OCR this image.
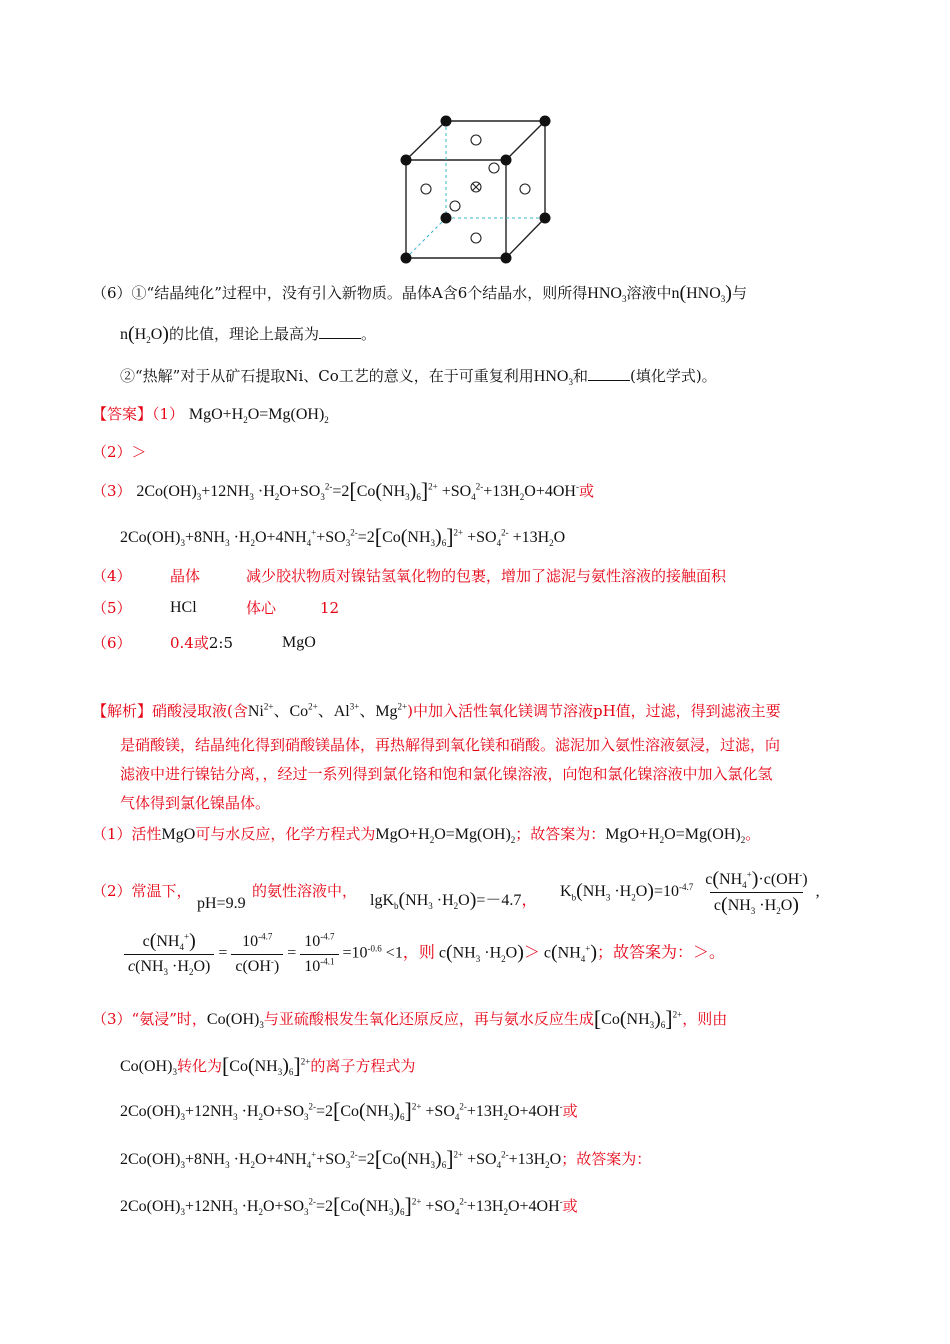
（6）①“结晶纯化”过程中，没有引入新物质。晶体A含6个结晶水，则所得$HNO_3$溶液中$n(HNO_3)$与
$n(H_2O)$的比值，理论上最高为	。
②“热解”对于从矿石提取Ni、Co工艺的意义，在于可重复利用$HNO_3$和	(填化学式)。
【答案】（1） $MgO+H_2O=Mg(OH)_2$
（2）＞
（3） $2Co(OH)_3+12NH_3 \cdot H_2O+SO_3^{2-}=2[Co(NH_3)_6]^{2+} +SO_4^{2-}+13H_2O+4OH^-$或
$2Co(OH)_3+8NH_3 \cdot H_2O+4NH_4^++SO_3^{2-}=2[Co(NH_3)_6]^{2+} +SO_4^{2-} +13H_2O$
（4）	晶体	减少胶状物质对镍钴氢氧化物的包裹，增加了滤泥与氨性溶液的接触面积
（5） HCl	体心	12
（6）	0.4或2:5	MgO
【解析】硝酸浸取液(含$Ni^{2+}$、$Co^{2+}$、$Al^{3+}$、$Mg^{2+}$)中加入活性氧化镁调节溶液pH值，过滤，得到滤液主要
是硝酸镁，结晶纯化得到硝酸镁晶体，再热解得到氧化镁和硝酸。滤泥加入氨性溶液氨浸，过滤，向
滤液中进行镍钴分离，，经过一系列得到氯化铬和饱和氯化镍溶液，向饱和氯化镍溶液中加入氯化氢
气体得到氯化镍晶体。
（1）活性MgO可与水反应，化学方程式为$MgO+H_2O=Mg(OH)_2$；故答案为：$MgO+H_2O=Mg(OH)_2$。
（2）常温下，
pH=9.9
的氨性溶液中，
$\lg K_b(NH_3 \cdot H_2O)=-4.7$，
$K_b(NH_3 \cdot H_2O)=10^{-4.7} \frac{c(NH_4^+)\cdot c(OH^-)}{c(NH_3 \cdot H_2O)}$ ,
$\frac{c(NH_4^+)}{c(NH_3 \cdot H_2O)} = \frac{10^{-4.7}}{c(OH^-)} = \frac{10^{-4.7}}{10^{-4.1}} =10^{-0.6} <1$，则 $c(NH_3 \cdot H_2O)> c(NH_4^+)$；故答案为：＞。
（3）“氨浸”时，$Co(OH)_3$与亚硫酸根发生氧化还原反应，再与氨水反应生成$[Co(NH_3)_6]^{2+}$，则由
$Co(OH)_3$转化为$[Co(NH_3)_6]^{2+}$的离子方程式为
$2Co(OH)_3+12NH_3 \cdot H_2O+SO_3^{2-}=2[Co(NH_3)_6]^{2+} +SO_4^{2-}+13H_2O+4OH^-$或
$2Co(OH)_3+8NH_3 \cdot H_2O+4NH_4^++SO_3^{2-}=2[Co(NH_3)_6]^{2+} +SO_4^{2-}+13H_2O$；故答案为：
$2Co(OH)_3+12NH_3 \cdot H_2O+SO_3^{2-}=2[Co(NH_3)_6]^{2+} +SO_4^{2-}+13H_2O+4OH^-$或
